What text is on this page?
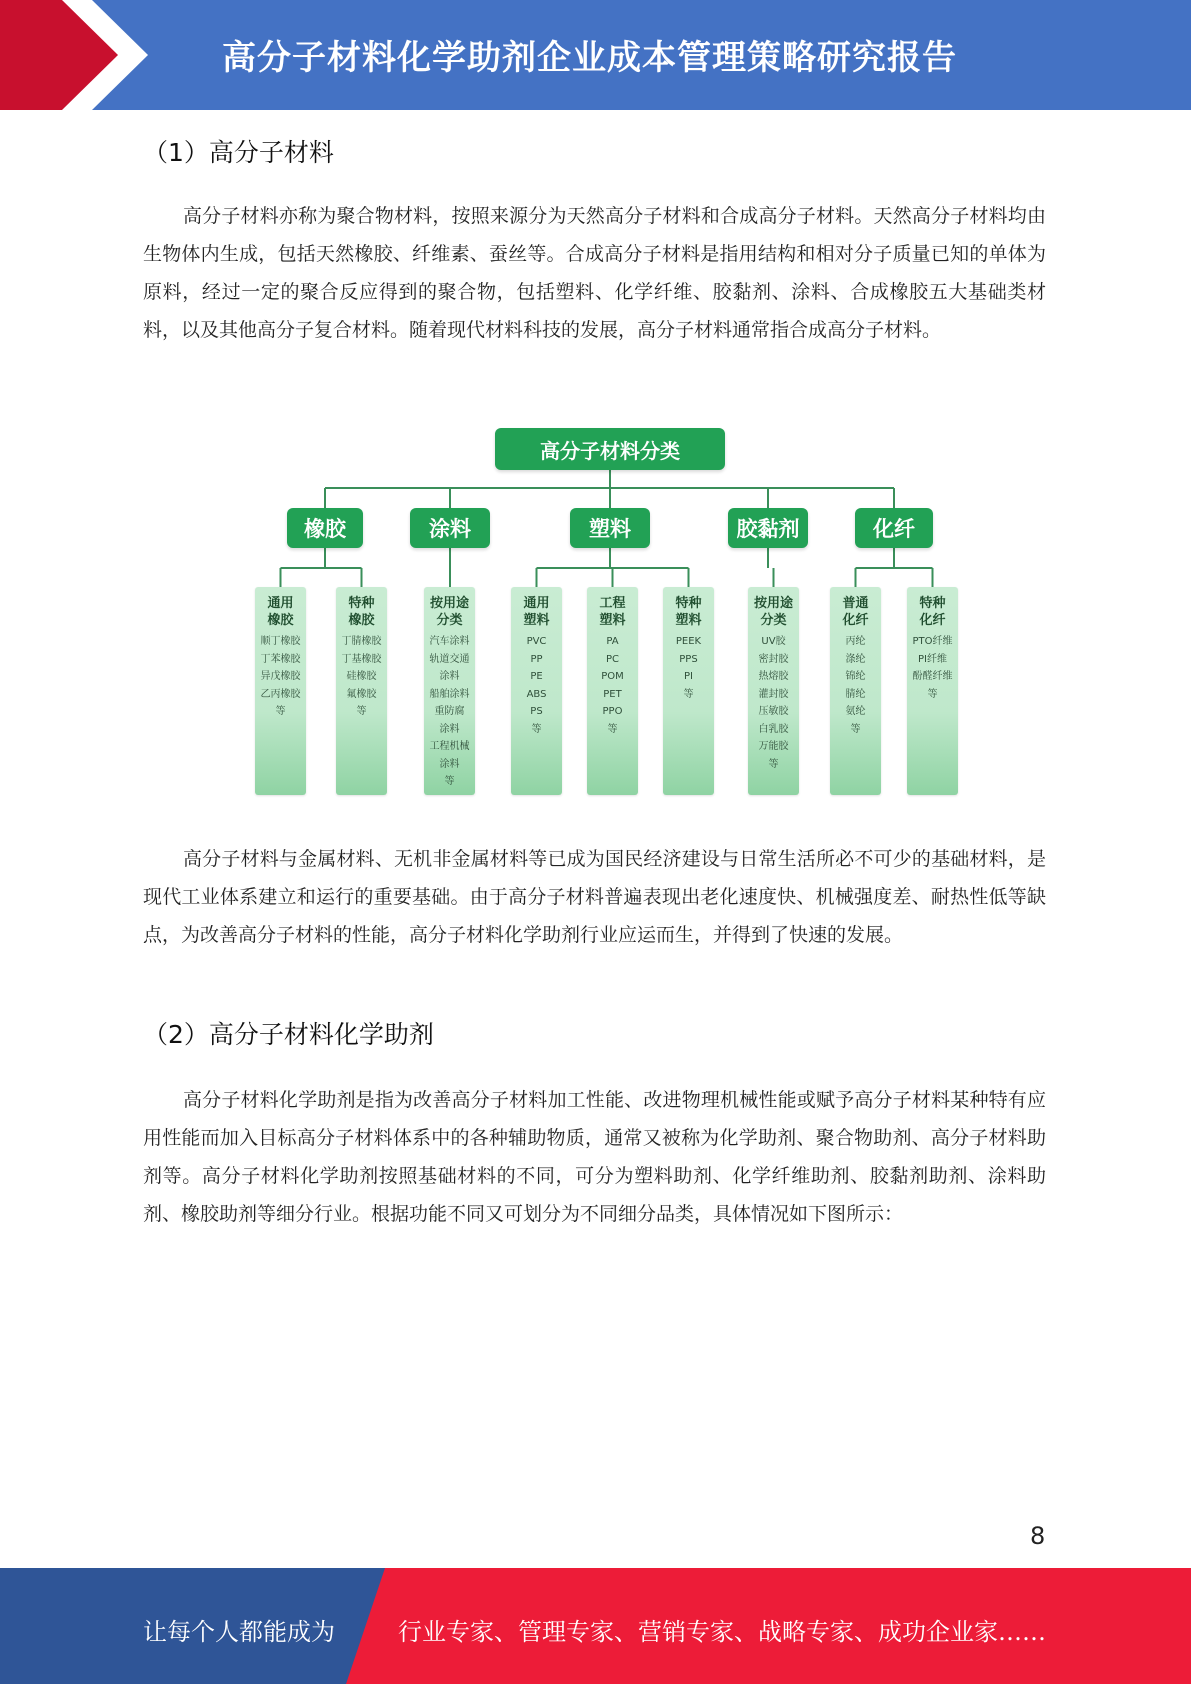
高分子材料化学助剂企业成本管理策略研究报告
（1）高分子材料

高分子材料亦称为聚合物材料，按照来源分为天然高分子材料和合成高分子材料。天然高分子材料均由生物体内生成，包括天然橡胶、纤维素、蚕丝等。合成高分子材料是指用结构和相对分子质量已知的单体为原料，经过一定的聚合反应得到的聚合物，包括塑料、化学纤维、胶黏剂、涂料、合成橡胶五大基础类材料，以及其他高分子复合材料。随着现代材料科技的发展，高分子材料通常指合成高分子材料。

高分子材料分类
橡胶
通用
橡胶
顺丁橡胶
丁苯橡胶
异戊橡胶
乙丙橡胶
等
特种
橡胶
丁腈橡胶
丁基橡胶
硅橡胶
氟橡胶
等
涂料
按用途
分类
汽车涂料
轨道交通
涂料
船舶涂料
重防腐
涂料
工程机械
涂料
等
塑料
通用
塑料
PVC
PP
PE
ABS
PS
等
工程
塑料
PA
PC
POM
PET
PPO
等
特种
塑料
PEEK
PPS
PI
等
胶黏剂
按用途
分类
UV胶
密封胶
热熔胶
灌封胶
压敏胶
白乳胶
万能胶
等
化纤
普通
化纤
丙纶
涤纶
锦纶
腈纶
氨纶
等
特种
化纤
PTO纤维
PI纤维
酚醛纤维
等

高分子材料与金属材料、无机非金属材料等已成为国民经济建设与日常生活所必不可少的基础材料，是现代工业体系建立和运行的重要基础。由于高分子材料普遍表现出老化速度快、机械强度差、耐热性低等缺点，为改善高分子材料的性能，高分子材料化学助剂行业应运而生，并得到了快速的发展。

（2）高分子材料化学助剂

高分子材料化学助剂是指为改善高分子材料加工性能、改进物理机械性能或赋予高分子材料某种特有应用性能而加入目标高分子材料体系中的各种辅助物质，通常又被称为化学助剂、聚合物助剂、高分子材料助剂等。高分子材料化学助剂按照基础材料的不同，可分为塑料助剂、化学纤维助剂、胶黏剂助剂、涂料助剂、橡胶助剂等细分行业。根据功能不同又可划分为不同细分品类，具体情况如下图所示：

8
让每个人都能成为	行业专家、管理专家、营销专家、战略专家、成功企业家……
